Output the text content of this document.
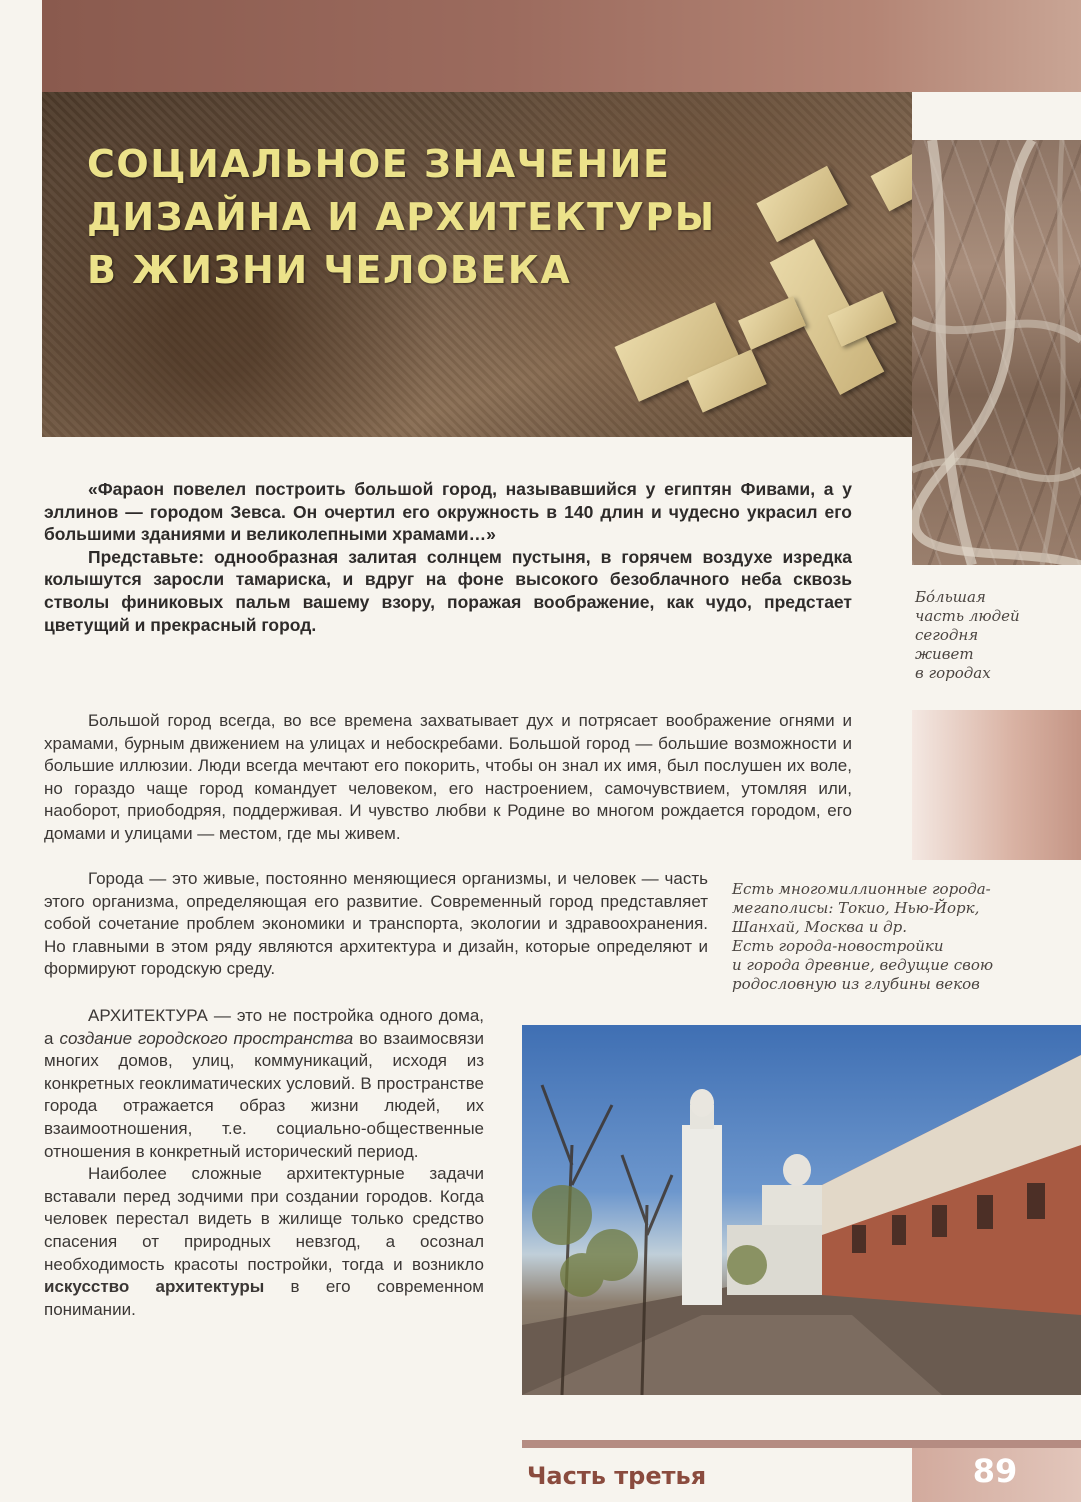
СОЦИАЛЬНОЕ ЗНАЧЕНИЕ
ДИЗАЙНА И АРХИТЕКТУРЫ
В ЖИЗНИ ЧЕЛОВЕКА

Бóльшая

часть людей

сегодня

живет

в городах

«Фараон повелел построить большой город, называвшийся у египтян Фивами, а у эллинов — городом Зевса. Он очертил его окружность в 140 длин и чудесно украсил его большими зданиями и великолепными храмами…»

Представьте: однообразная залитая солнцем пустыня, в горячем воздухе изредка колышутся заросли тамариска, и вдруг на фоне высокого безоблачного неба сквозь стволы финиковых пальм вашему взору, поражая воображение, как чудо, предстает цветущий и прекрасный город.

Большой город всегда, во все времена захватывает дух и потрясает воображение огнями и храмами, бурным движением на улицах и небоскребами. Большой город — большие возможности и большие иллюзии. Люди всегда мечтают его покорить, чтобы он знал их имя, был послушен их воле, но гораздо чаще город командует человеком, его настроением, самочувствием, утомляя или, наоборот, приободряя, поддерживая. И чувство любви к Родине во многом рождается городом, его домами и улицами — местом, где мы живем.

Города — это живые, постоянно меняющиеся организмы, и человек — часть этого организма, определяющая его развитие. Современный город представляет собой сочетание проблем экономики и транспорта, экологии и здравоохранения. Но главными в этом ряду являются архитектура и дизайн, которые определяют и формируют городскую среду.

Есть многомиллионные города-

мегаполисы: Токио, Нью-Йорк,

Шанхай, Москва и др.

Есть города-новостройки

и города древние, ведущие свою

родословную из глубины веков

АРХИТЕКТУРА — это не постройка одного дома, а создание городского пространства во взаимосвязи многих домов, улиц, коммуникаций, исходя из конкретных геоклиматических условий. В пространстве города отражается образ жизни людей, их взаимоотношения, т.е. социально-общественные отношения в конкретный исторический период.

Наиболее сложные архитектурные задачи вставали перед зодчими при создании городов. Когда человек перестал видеть в жилище только средство спасения от природных невзгод, а осознал необходимость красоты постройки, тогда и возникло искусство архитектуры в его современном понимании.

Часть третья	89
